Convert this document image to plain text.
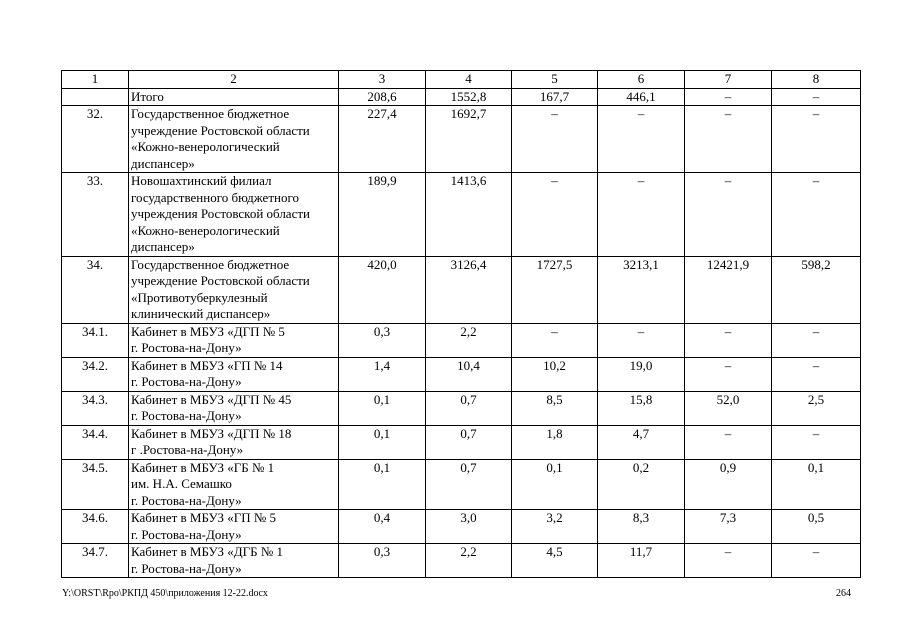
1	2	3	4	5	6	7	8
	Итого	208,6	1552,8	167,7	446,1	–	–
32.	Государственное бюджетное
учреждение Ростовской области
«Кожно-венерологический
диспансер»	227,4	1692,7	–	–	–	–
33.	Новошахтинский филиал
государственного бюджетного
учреждения Ростовской области
«Кожно-венерологический
диспансер»	189,9	1413,6	–	–	–	–
34.	Государственное бюджетное
учреждение Ростовской области
«Противотуберкулезный
клинический диспансер»	420,0	3126,4	1727,5	3213,1	12421,9	598,2
34.1.	Кабинет в МБУЗ «ДГП № 5
г. Ростова-на-Дону»	0,3	2,2	–	–	–	–
34.2.	Кабинет в МБУЗ «ГП № 14
г. Ростова-на-Дону»	1,4	10,4	10,2	19,0	–	–
34.3.	Кабинет в МБУЗ «ДГП № 45
г. Ростова-на-Дону»	0,1	0,7	8,5	15,8	52,0	2,5
34.4.	Кабинет в МБУЗ «ДГП № 18
г .Ростова-на-Дону»	0,1	0,7	1,8	4,7	–	–
34.5.	Кабинет в МБУЗ «ГБ № 1
им. Н.А. Семашко
г. Ростова-на-Дону»	0,1	0,7	0,1	0,2	0,9	0,1
34.6.	Кабинет в МБУЗ «ГП № 5
г. Ростова-на-Дону»	0,4	3,0	3,2	8,3	7,3	0,5
34.7.	Кабинет в МБУЗ «ДГБ № 1
г. Ростова-на-Дону»	0,3	2,2	4,5	11,7	–	–
Y:\ORST\Rpo\РКПД 450\приложения 12-22.docx	264
